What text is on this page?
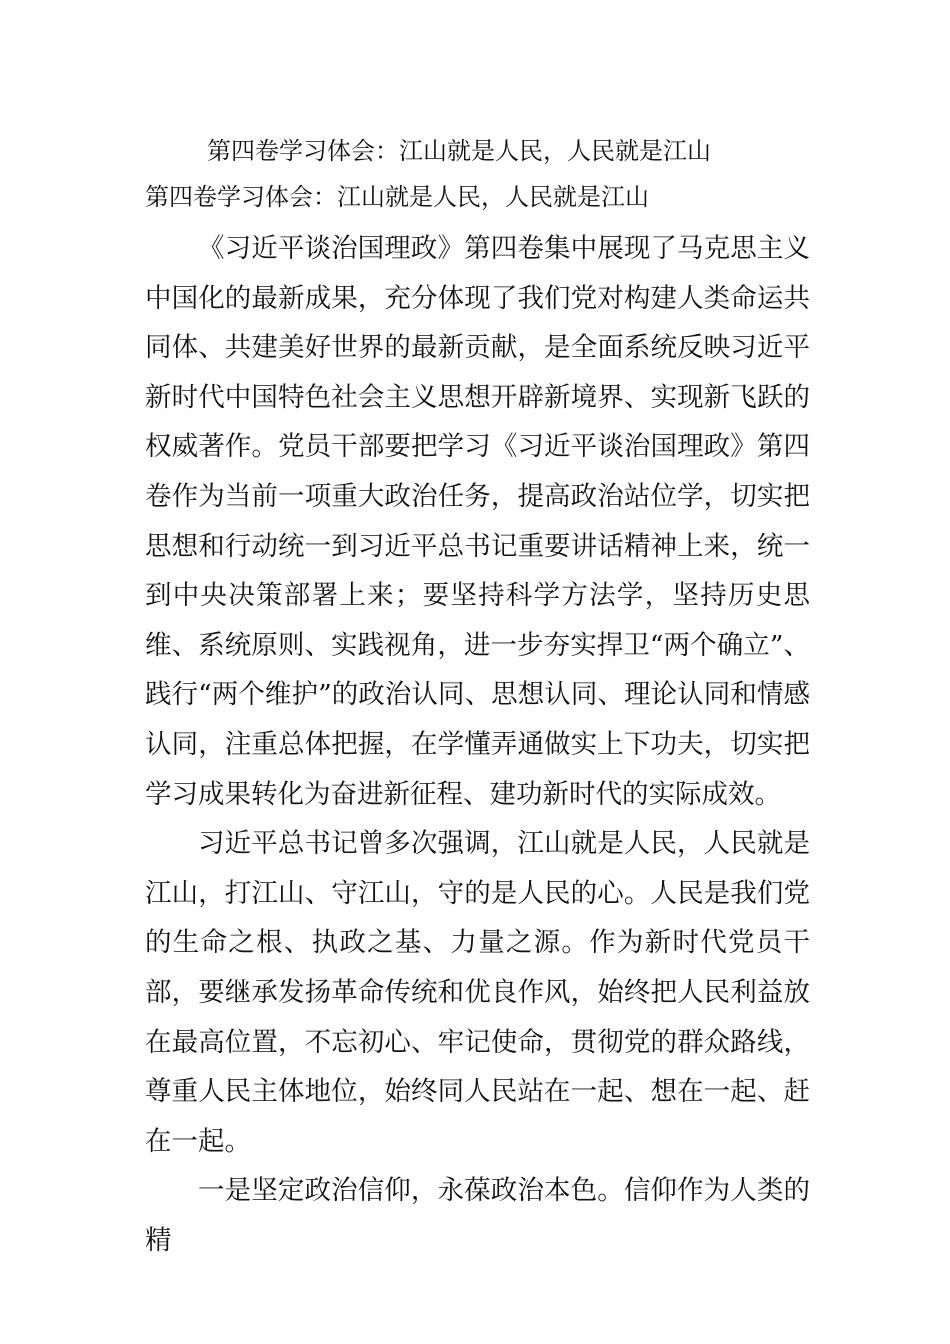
第四卷学习体会：江山就是人民，人民就是江山
第四卷学习体会：江山就是人民，人民就是江山

《习近平谈治国理政》第四卷集中展现了马克思主义中国化的最新成果，充分体现了我们党对构建人类命运共同体、共建美好世界的最新贡献，是全面系统反映习近平新时代中国特色社会主义思想开辟新境界、实现新飞跃的权威著作。党员干部要把学习《习近平谈治国理政》第四卷作为当前一项重大政治任务，提高政治站位学，切实把思想和行动统一到习近平总书记重要讲话精神上来，统一到中央决策部署上来；要坚持科学方法学，坚持历史思维、系统原则、实践视角，进一步夯实捍卫“两个确立”、践行“两个维护”的政治认同、思想认同、理论认同和情感认同，注重总体把握，在学懂弄通做实上下功夫，切实把学习成果转化为奋进新征程、建功新时代的实际成效。

习近平总书记曾多次强调，江山就是人民，人民就是江山，打江山、守江山，守的是人民的心。人民是我们党的生命之根、执政之基、力量之源。作为新时代党员干部，要继承发扬革命传统和优良作风，始终把人民利益放在最高位置，不忘初心、牢记使命，贯彻党的群众路线，尊重人民主体地位，始终同人民站在一起、想在一起、赶在一起。

一是坚定政治信仰，永葆政治本色。信仰作为人类的精
